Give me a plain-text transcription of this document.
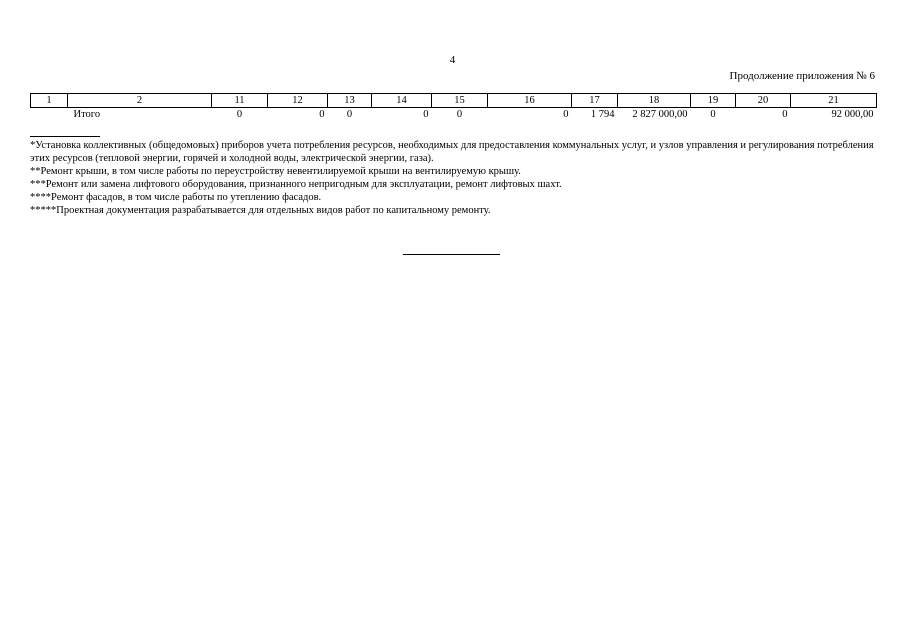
4
Продолжение приложения № 6
1	2	11	12	13	14	15	16	17	18	19	20	21
	Итого	0	0	0	0	0	0	1 794	2 827 000,00	0	0	92 000,00
*Установка коллективных (общедомовых) приборов учета потребления ресурсов, необходимых для предоставления коммунальных услуг, и узлов управления и регулирования потребления этих ресурсов (тепловой энергии, горячей и холодной воды, электрической энергии, газа).
**Ремонт крыши, в том числе работы по переустройству невентилируемой крыши на вентилируемую крышу.
***Ремонт или замена лифтового оборудования, признанного непригодным для эксплуатации, ремонт лифтовых шахт.
****Ремонт фасадов, в том числе работы по утеплению фасадов.
*****Проектная документация разрабатывается для отдельных видов работ по капитальному ремонту.
